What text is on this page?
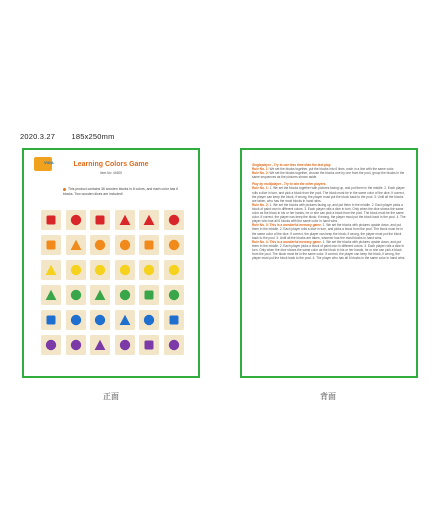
2020.3.27 185x250mm
VIGA	Learning Colors Game
Item No: 44505
This product contains 36 wooden blocks in 6 colors, and each color has 6 blocks. Two wooden dices are included!
正面

Singleplayer - Try to use less time than the last play.

Rule No. 1: We set the blocks together, put the blocks into 6 lines, each in a line with the same color.

Rule No. 2: We set the blocks together, choose the blocks one by one from the pool, group the blocks in the same sequences as the pictures shown aside.

Play by multiplayer - Try to win the other players.

Rule No. 1: 1. We set the blocks together with pictures facing up, and put them in the middle. 2. Each player rolls a dice in turn, and pick a block from the pool. The block must be in the same color of the dice. If correct, the player can keep the block, if wrong, the player must put the block back to the pool. 3. Until all the blocks are taken, who has the most blocks in hand wins.

Rule No. 2: 1. We set the blocks with pictures facing up, and put them in the middle. 2. Each player picks a block of paint own in different colors. 3. Each player rolls a dice in turn. Only when the dice shows the same color as the block in his or her hands, he or she can pick a block from the pool. The block must be the same color. If correct, the player can keep the block; if wrong, the player must put the block back in the pool. 4. The player who has all 6 blocks with the same color in hand wins.

Rule No. 3: This is a wonderful memory game. 1. We set the blocks with pictures upside down, and put them in the middle. 2. Each player rolls a dice in turn, and picks a block from the pool. The block must be in the same color of the dice. If correct, the player can keep the block; if wrong, the player must put the block back to the pool. 3. Until all the blocks are taken, whoever has the most blocks in hand wins.

Rule No. 4: This is a wonderful memory game. 1. We set the blocks with pictures upside down, and put them in the middle. 2. Each player picks a block of paint own in different colors. 3. Each player rolls a dice in turn. Only when the dice shows the same color as the block in his or her hands, he or she can pick a block from the pool. The block must be in the same color. If correct, the player can keep the block, if wrong, the player must put the block back to the pool. 4. The player who has all 6 blocks in the same color in hand wins.

背面
